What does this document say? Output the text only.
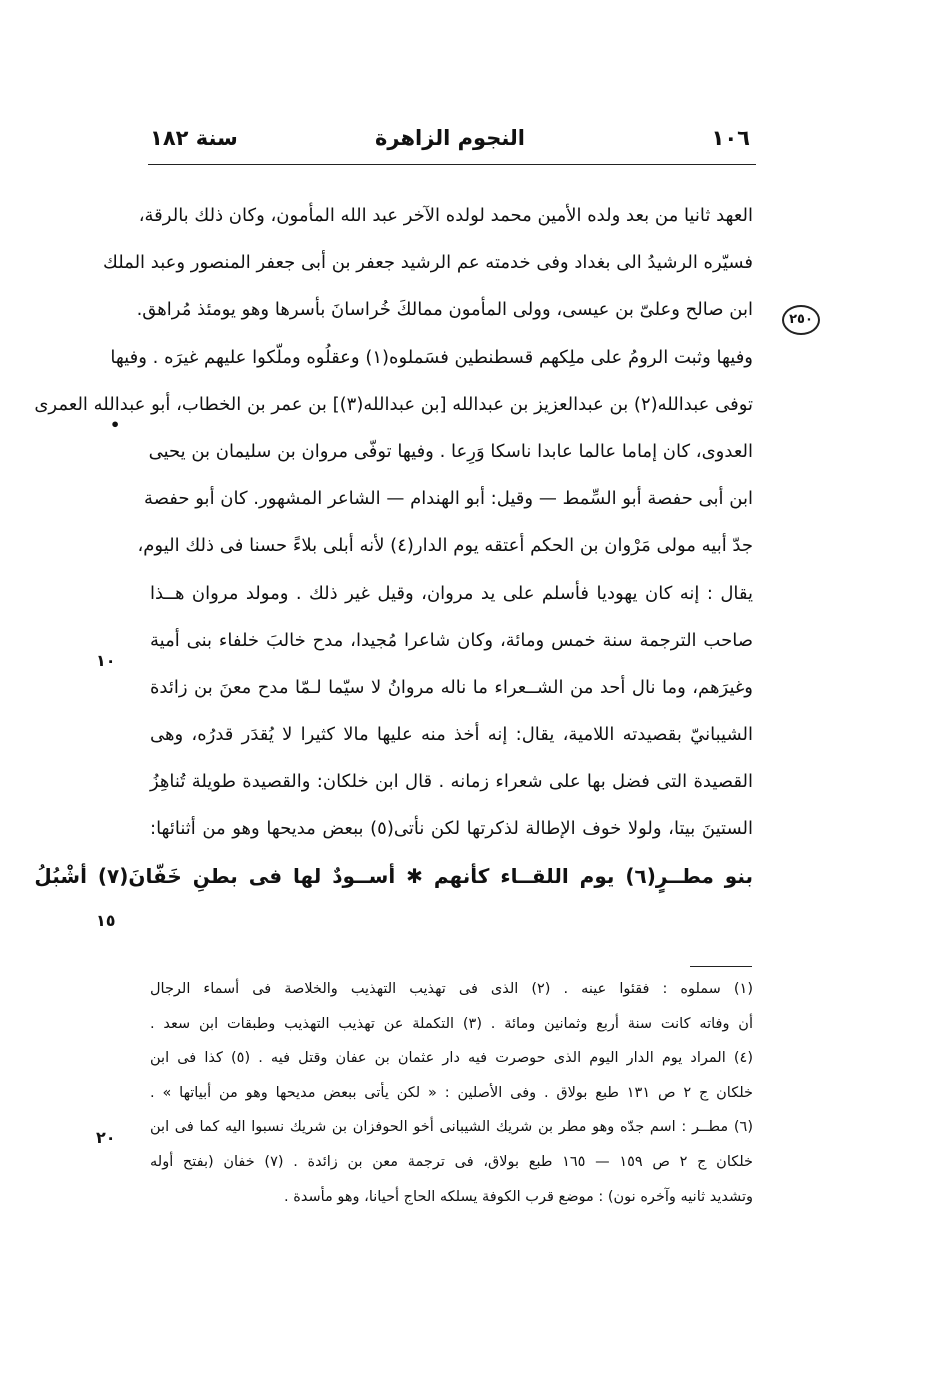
١٠٦
النجوم الزاهرة
سنة ١٨٢
٢٥٠
•
١٠
١٥
٢٠
العهد ثانيا من بعد ولده الأمين محمد لولده الآخر عبد الله المأمون، وكان ذلك بالرقة،
فسيّره الرشيدُ الى بغداد وفى خدمته عم الرشيد جعفر بن أبى جعفر المنصور وعبد الملك
ابن صالح وعلىّ بن عيسى، وولى المأمون ممالكَ خُراسانَ بأسرها وهو يومئذ مُراهق.
وفيها وثبت الرومُ على ملِكهم قسطنطين فسَملوه(١) وعقلُوه وملّكوا عليهم غيرَه . وفيها
توفى عبدالله(٢) بن عبدالعزيز بن عبدالله [بن عبدالله(٣)] بن عمر بن الخطاب، أبو عبدالله العمرى
العدوى، كان إماما عالما عابدا ناسكا وَرِعا . وفيها توفّى مروان بن سليمان بن يحيى
ابن أبى حفصة أبو السِّمط — وقيل: أبو الهندام — الشاعر المشهور. كان أبو حفصة
جدّ أبيه مولى مَرْوان بن الحكم أعتقه يوم الدار(٤) لأنه أبلى بلاءً حسنا فى ذلك اليوم،
يقال : إنه كان يهوديا فأسلم على يد مروان، وقيل غير ذلك . ومولد مروان هــذا
صاحب الترجمة سنة خمس ومائة، وكان شاعرا مُجيدا، مدح خالبَ خلفاء بنى أمية
وغيرَهم، وما نال أحد من الشــعراء ما ناله مروانُ لا سيّما لـمّا مدح معنَ بن زائدة
الشيبانيّ بقصيدته اللامية، يقال: إنه أخذ منه عليها مالا كثيرا لا يُقدَر قدرُه، وهى
القصيدة التى فضل بها على شعراء زمانه . قال ابن خلكان: والقصيدة طويلة تُناهِزُ
الستينَ بيتا، ولولا خوف الإطالة لذكرتها لكن نأتى(٥) ببعض مديحها وهو من أثنائها:
بنو مطــرٍ(٦) يوم اللقــاء كأنهم ✱ أســودٌ لها فى بطنِ خَفّانَ(٧) أشْبُلُ
(١) سملوه : فقئوا عينه . (٢) الذى فى تهذيب التهذيب والخلاصة فى أسماء الرجال
أن وفاته كانت سنة أربع وثمانين ومائة . (٣) التكملة عن تهذيب التهذيب وطبقات ابن سعد .
(٤) المراد يوم الدار اليوم الذى حوصرت فيه دار عثمان بن عفان وقتل فيه . (٥) كذا فى ابن
خلكان ج ٢ ص ١٣١ طبع بولاق . وفى الأصلين : « لكن يأتى ببعض مديحها وهو من أبياتها » .
(٦) مطــر : اسم جدّه وهو مطر بن شريك الشيبانى أخو الحوفزان بن شريك نسبوا اليه كما فى ابن
خلكان ج ٢ ص ١٥٩ — ١٦٥ طبع بولاق، فى ترجمة معن بن زائدة . (٧) خفان (بفتح أوله
وتشديد ثانيه وآخره نون) : موضع قرب الكوفة يسلكه الحاج أحيانا، وهو مأسدة .
